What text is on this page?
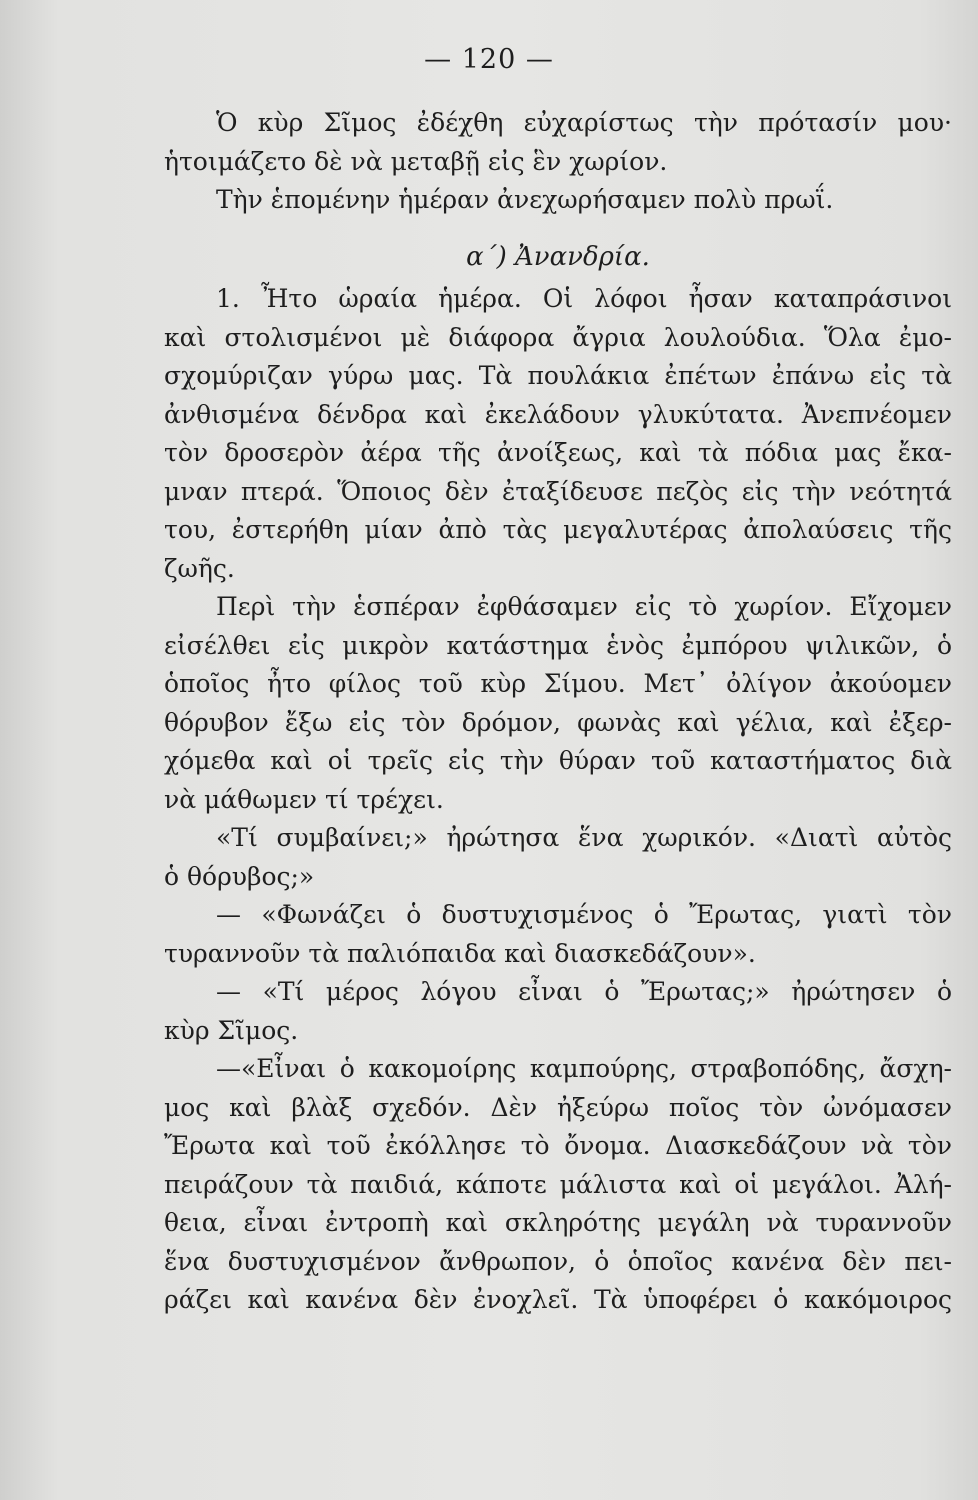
— 120 —
Ὁ κὺρ Σῖμος ἐδέχθη εὐχαρίστως τὴν πρότασίν μου·
ἡτοιμάζετο δὲ νὰ μεταβῇ εἰς ἓν χωρίον.
Τὴν ἑπομένην ἡμέραν ἀνεχωρήσαμεν πολὺ πρωΐ.
α΄) Ἀνανδρία.
1. Ἦτο ὡραία ἡμέρα. Οἱ λόφοι ἦσαν καταπράσινοι
καὶ στολισμένοι μὲ διάφορα ἄγρια λουλούδια. Ὅλα ἐμο-
σχομύριζαν γύρω μας. Τὰ πουλάκια ἐπέτων ἐπάνω εἰς τὰ
ἀνθισμένα δένδρα καὶ ἐκελάδουν γλυκύτατα. Ἀνεπνέομεν
τὸν δροσερὸν ἀέρα τῆς ἀνοίξεως, καὶ τὰ πόδια μας ἔκα-
μναν πτερά. Ὅποιος δὲν ἐταξίδευσε πεζὸς εἰς τὴν νεότητά
του, ἐστερήθη μίαν ἀπὸ τὰς μεγαλυτέρας ἀπολαύσεις τῆς
ζωῆς.
Περὶ τὴν ἑσπέραν ἐφθάσαμεν εἰς τὸ χωρίον. Εἴχομεν
εἰσέλθει εἰς μικρὸν κατάστημα ἑνὸς ἐμπόρου ψιλικῶν, ὁ
ὁποῖος ἦτο φίλος τοῦ κὺρ Σίμου. Μετ᾽ ὀλίγον ἀκούομεν
θόρυβον ἔξω εἰς τὸν δρόμον, φωνὰς καὶ γέλια, καὶ ἐξερ-
χόμεθα καὶ οἱ τρεῖς εἰς τὴν θύραν τοῦ καταστήματος διὰ
νὰ μάθωμεν τί τρέχει.
«Τί συμβαίνει;» ἠρώτησα ἕνα χωρικόν. «Διατὶ αὐτὸς
ὁ θόρυβος;»
— «Φωνάζει ὁ δυστυχισμένος ὁ Ἔρωτας, γιατὶ τὸν
τυραννοῦν τὰ παλιόπαιδα καὶ διασκεδάζουν».
— «Τί μέρος λόγου εἶναι ὁ Ἔρωτας;» ἠρώτησεν ὁ
κὺρ Σῖμος.
—«Εἶναι ὁ κακομοίρης καμπούρης, στραβοπόδης, ἄσχη-
μος καὶ βλὰξ σχεδόν. Δὲν ἠξεύρω ποῖος τὸν ὠνόμασεν
Ἔρωτα καὶ τοῦ ἐκόλλησε τὸ ὄνομα. Διασκεδάζουν νὰ τὸν
πειράζουν τὰ παιδιά, κάποτε μάλιστα καὶ οἱ μεγάλοι. Ἀλή-
θεια, εἶναι ἐντροπὴ καὶ σκληρότης μεγάλη νὰ τυραννοῦν
ἕνα δυστυχισμένον ἄνθρωπον, ὁ ὁποῖος κανένα δὲν πει-
ράζει καὶ κανένα δὲν ἐνοχλεῖ. Τὰ ὑποφέρει ὁ κακόμοιρος
